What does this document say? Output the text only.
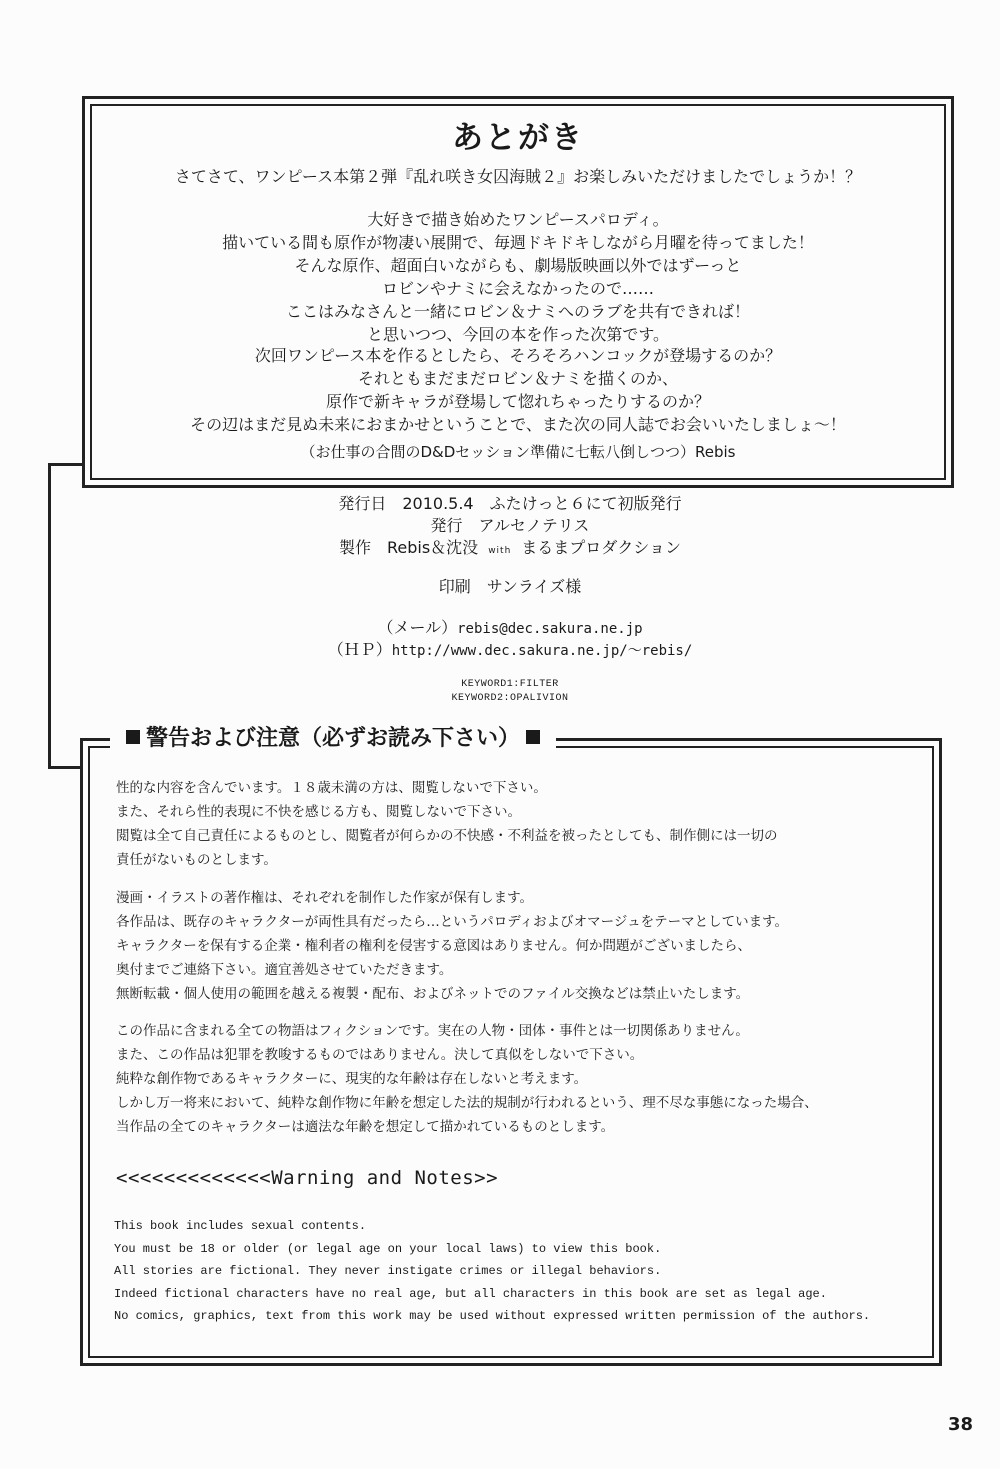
あとがき
さてさて、ワンピース本第２弾『乱れ咲き女囚海賊２』お楽しみいただけましたでしょうか！？
大好きで描き始めたワンピースパロディ。
描いている間も原作が物凄い展開で、毎週ドキドキしながら月曜を待ってました！
そんな原作、超面白いながらも、劇場版映画以外ではずーっと
ロビンやナミに会えなかったので……
ここはみなさんと一緒にロビン＆ナミへのラブを共有できれば！
と思いつつ、今回の本を作った次第です。
次回ワンピース本を作るとしたら、そろそろハンコックが登場するのか？
それともまだまだロビン＆ナミを描くのか、
原作で新キャラが登場して惚れちゃったりするのか？
その辺はまだ見ぬ未来におまかせということで、また次の同人誌でお会いいたしましょ～！
（お仕事の合間のD&Dセッション準備に七転八倒しつつ）Rebis
発行日　2010.5.4　ふたけっと６にて初版発行
発行　アルセノテリス
製作　Rebis＆沈没 with まるまプロダクション
印刷　サンライズ様
（メール）rebis@dec.sakura.ne.jp
（ＨＰ）http://www.dec.sakura.ne.jp/～rebis/
KEYWORD1:FILTER
KEYWORD2:OPALIVION
警告および注意（必ずお読み下さい）
性的な内容を含んでいます。１８歳未満の方は、閲覧しないで下さい。
また、それら性的表現に不快を感じる方も、閲覧しないで下さい。
閲覧は全て自己責任によるものとし、閲覧者が何らかの不快感・不利益を被ったとしても、制作側には一切の
責任がないものとします。
漫画・イラストの著作権は、それぞれを制作した作家が保有します。
各作品は、既存のキャラクターが両性具有だったら…というパロディおよびオマージュをテーマとしています。
キャラクターを保有する企業・権利者の権利を侵害する意図はありません。何か問題がございましたら、
奥付までご連絡下さい。適宜善処させていただきます。
無断転載・個人使用の範囲を越える複製・配布、およびネットでのファイル交換などは禁止いたします。
この作品に含まれる全ての物語はフィクションです。実在の人物・団体・事件とは一切関係ありません。
また、この作品は犯罪を教唆するものではありません。決して真似をしないで下さい。
純粋な創作物であるキャラクターに、現実的な年齢は存在しないと考えます。
しかし万一将来において、純粋な創作物に年齢を想定した法的規制が行われるという、理不尽な事態になった場合、
当作品の全てのキャラクターは適法な年齢を想定して描かれているものとします。
<<<<<<<<<<<<<Warning and Notes>>
This book includes sexual contents.
You must be 18 or older (or legal age on your local laws) to view this book.
All stories are fictional. They never instigate crimes or illegal behaviors.
Indeed fictional characters have no real age, but all characters in this book are set as legal age.
No comics, graphics, text from this work may be used without expressed written permission of the authors.
38
